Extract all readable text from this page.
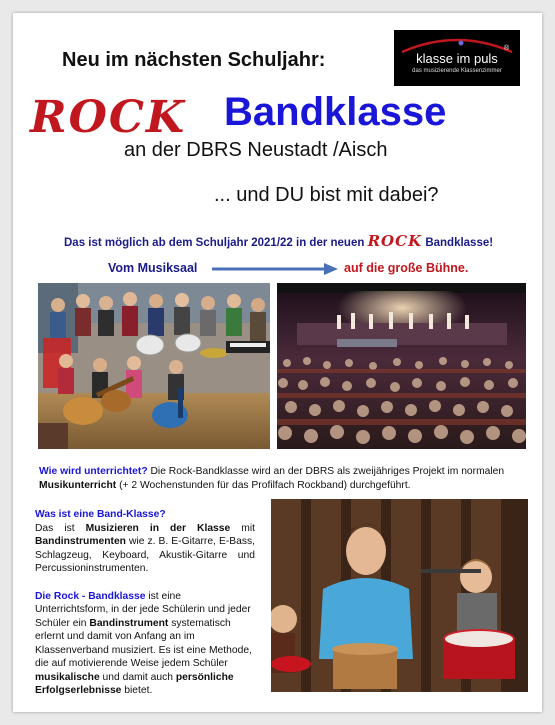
Neu im nächsten Schuljahr:	klasse im puls
®
das musizierende Klassenzimmer
ROCK Bandklasse
an der DBRS Neustadt /Aisch
... und DU bist mit dabei?
Das ist möglich ab dem Schuljahr 2021/22 in der neuen ROCK Bandklasse!
Vom Musiksaal	auf die große Bühne.
Wie wird unterrichtet? Die Rock-Bandklasse wird an der DBRS als zweijähriges Projekt im normalen Musikunterricht (+ 2 Wochenstunden für das Profilfach Rockband) durchgeführt.

Was ist eine Band-Klasse?
Das ist Musizieren in der Klasse mit Bandinstrumenten wie z. B. E-Gitarre, E-Bass, Schlagzeug, Keyboard, Akustik-Gitarre und Percussioninstrumenten.

Die Rock - Bandklasse ist eine Unterrichtsform, in der jede Schülerin und jeder Schüler ein Bandinstrument systematisch erlernt und damit von Anfang an im Klassenverband musiziert. Es ist eine Methode, die auf motivierende Weise jedem Schüler musikalische und damit auch persönliche Erfolgserlebnisse bietet.
